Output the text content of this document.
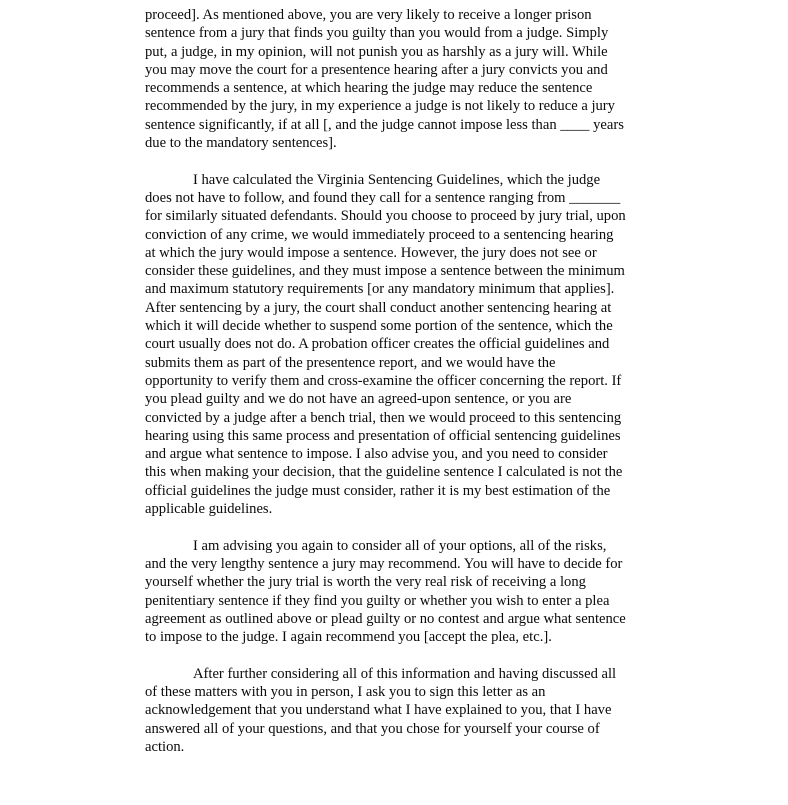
proceed]. As mentioned above, you are very likely to receive a longer prison
sentence from a jury that finds you guilty than you would from a judge. Simply
put, a judge, in my opinion, will not punish you as harshly as a jury will. While
you may move the court for a presentence hearing after a jury convicts you and
recommends a sentence, at which hearing the judge may reduce the sentence
recommended by the jury, in my experience a judge is not likely to reduce a jury
sentence significantly, if at all [, and the judge cannot impose less than ____ years
due to the mandatory sentences].
I have calculated the Virginia Sentencing Guidelines, which the judge
does not have to follow, and found they call for a sentence ranging from _______
for similarly situated defendants. Should you choose to proceed by jury trial, upon
conviction of any crime, we would immediately proceed to a sentencing hearing
at which the jury would impose a sentence. However, the jury does not see or
consider these guidelines, and they must impose a sentence between the minimum
and maximum statutory requirements [or any mandatory minimum that applies].
After sentencing by a jury, the court shall conduct another sentencing hearing at
which it will decide whether to suspend some portion of the sentence, which the
court usually does not do. A probation officer creates the official guidelines and
submits them as part of the presentence report, and we would have the
opportunity to verify them and cross-examine the officer concerning the report. If
you plead guilty and we do not have an agreed-upon sentence, or you are
convicted by a judge after a bench trial, then we would proceed to this sentencing
hearing using this same process and presentation of official sentencing guidelines
and argue what sentence to impose. I also advise you, and you need to consider
this when making your decision, that the guideline sentence I calculated is not the
official guidelines the judge must consider, rather it is my best estimation of the
applicable guidelines.
I am advising you again to consider all of your options, all of the risks,
and the very lengthy sentence a jury may recommend. You will have to decide for
yourself whether the jury trial is worth the very real risk of receiving a long
penitentiary sentence if they find you guilty or whether you wish to enter a plea
agreement as outlined above or plead guilty or no contest and argue what sentence
to impose to the judge. I again recommend you [accept the plea, etc.].
After further considering all of this information and having discussed all
of these matters with you in person, I ask you to sign this letter as an
acknowledgement that you understand what I have explained to you, that I have
answered all of your questions, and that you chose for yourself your course of
action.
